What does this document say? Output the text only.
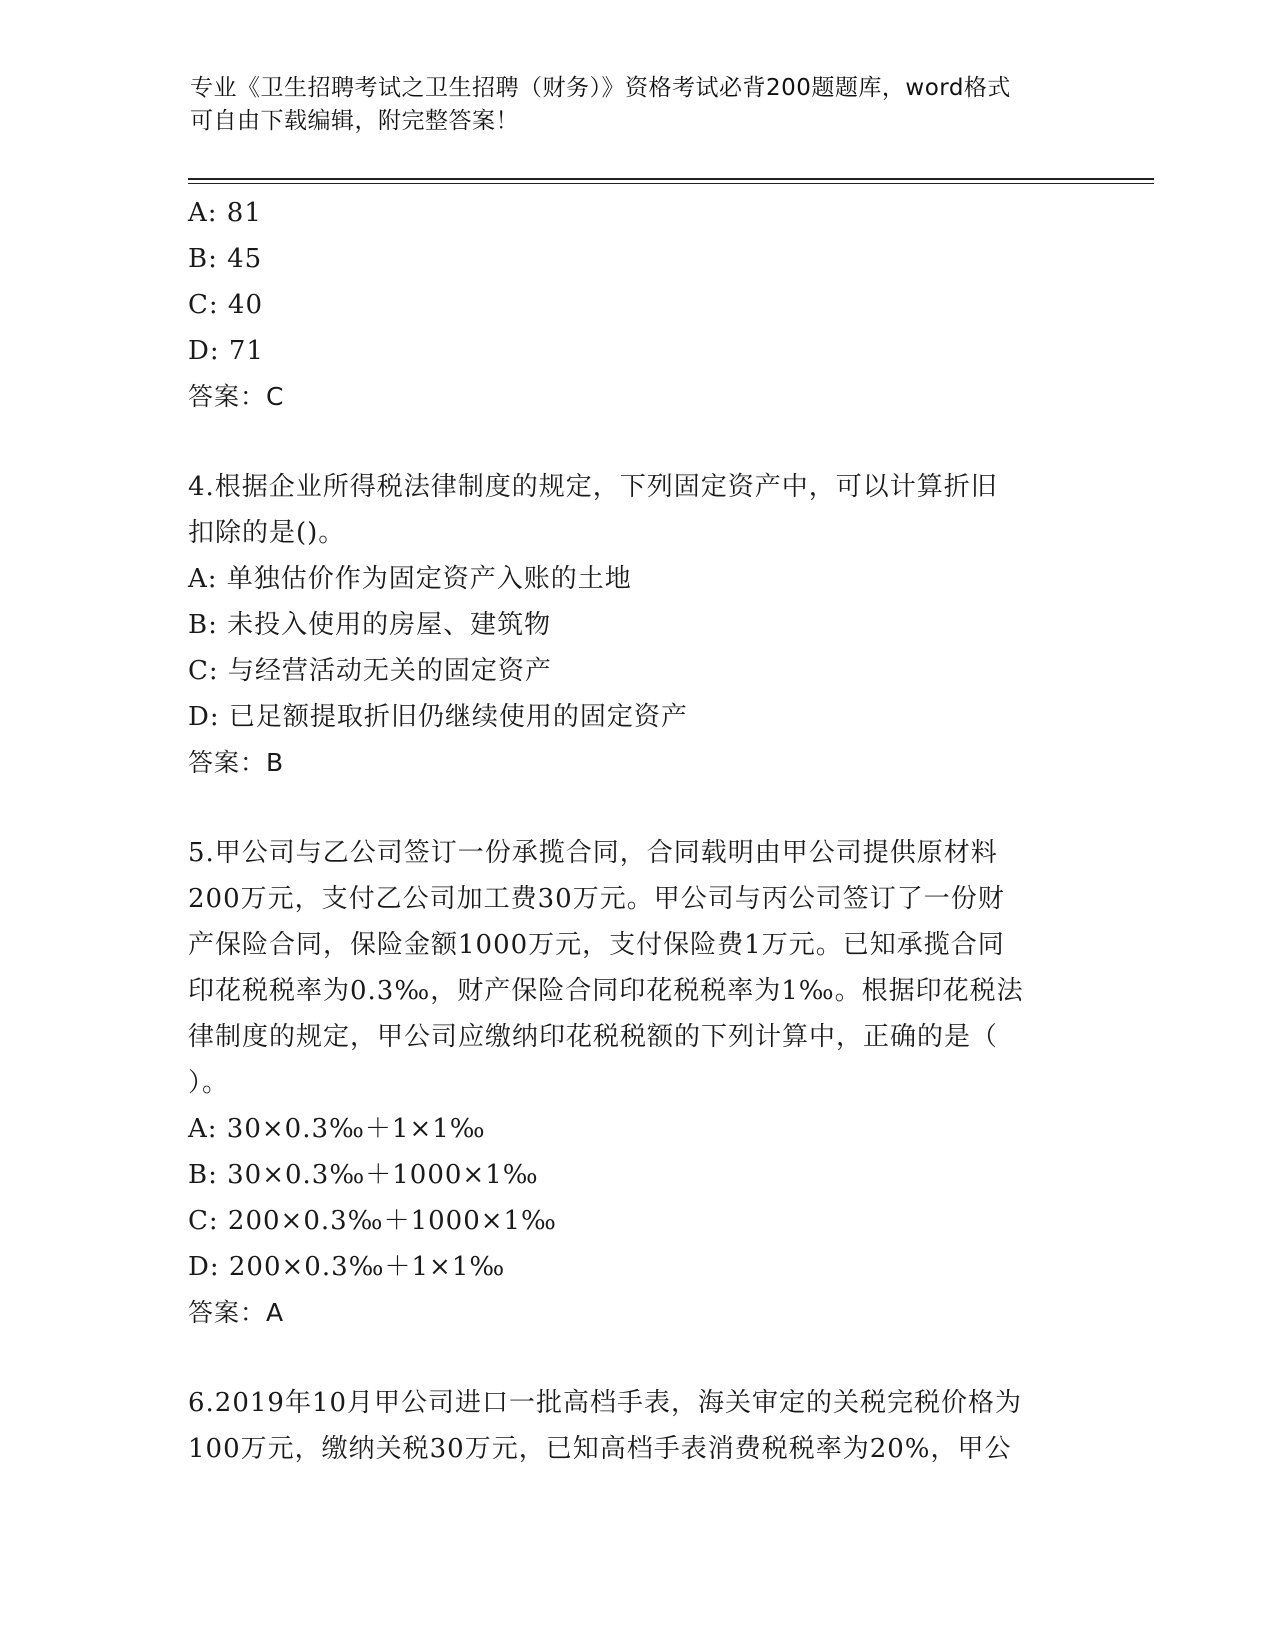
专业《卫生招聘考试之卫生招聘（财务）》资格考试必背200题题库，word格式
可自由下载编辑，附完整答案！
A: 81
B: 45
C: 40
D: 71
答案：C
4.根据企业所得税法律制度的规定，下列固定资产中，可以计算折旧
扣除的是()。
A: 单独估价作为固定资产入账的土地
B: 未投入使用的房屋、建筑物
C: 与经营活动无关的固定资产
D: 已足额提取折旧仍继续使用的固定资产
答案：B
5.甲公司与乙公司签订一份承揽合同，合同载明由甲公司提供原材料
200万元，支付乙公司加工费30万元。甲公司与丙公司签订了一份财
产保险合同，保险金额1000万元，支付保险费1万元。已知承揽合同
印花税税率为0.3‰，财产保险合同印花税税率为1‰。根据印花税法
律制度的规定，甲公司应缴纳印花税税额的下列计算中，正确的是（
）。
A: 30×0.3‰＋1×1‰
B: 30×0.3‰＋1000×1‰
C: 200×0.3‰＋1000×1‰
D: 200×0.3‰＋1×1‰
答案：A
6.2019年10月甲公司进口一批高档手表，海关审定的关税完税价格为
100万元，缴纳关税30万元，已知高档手表消费税税率为20%，甲公
